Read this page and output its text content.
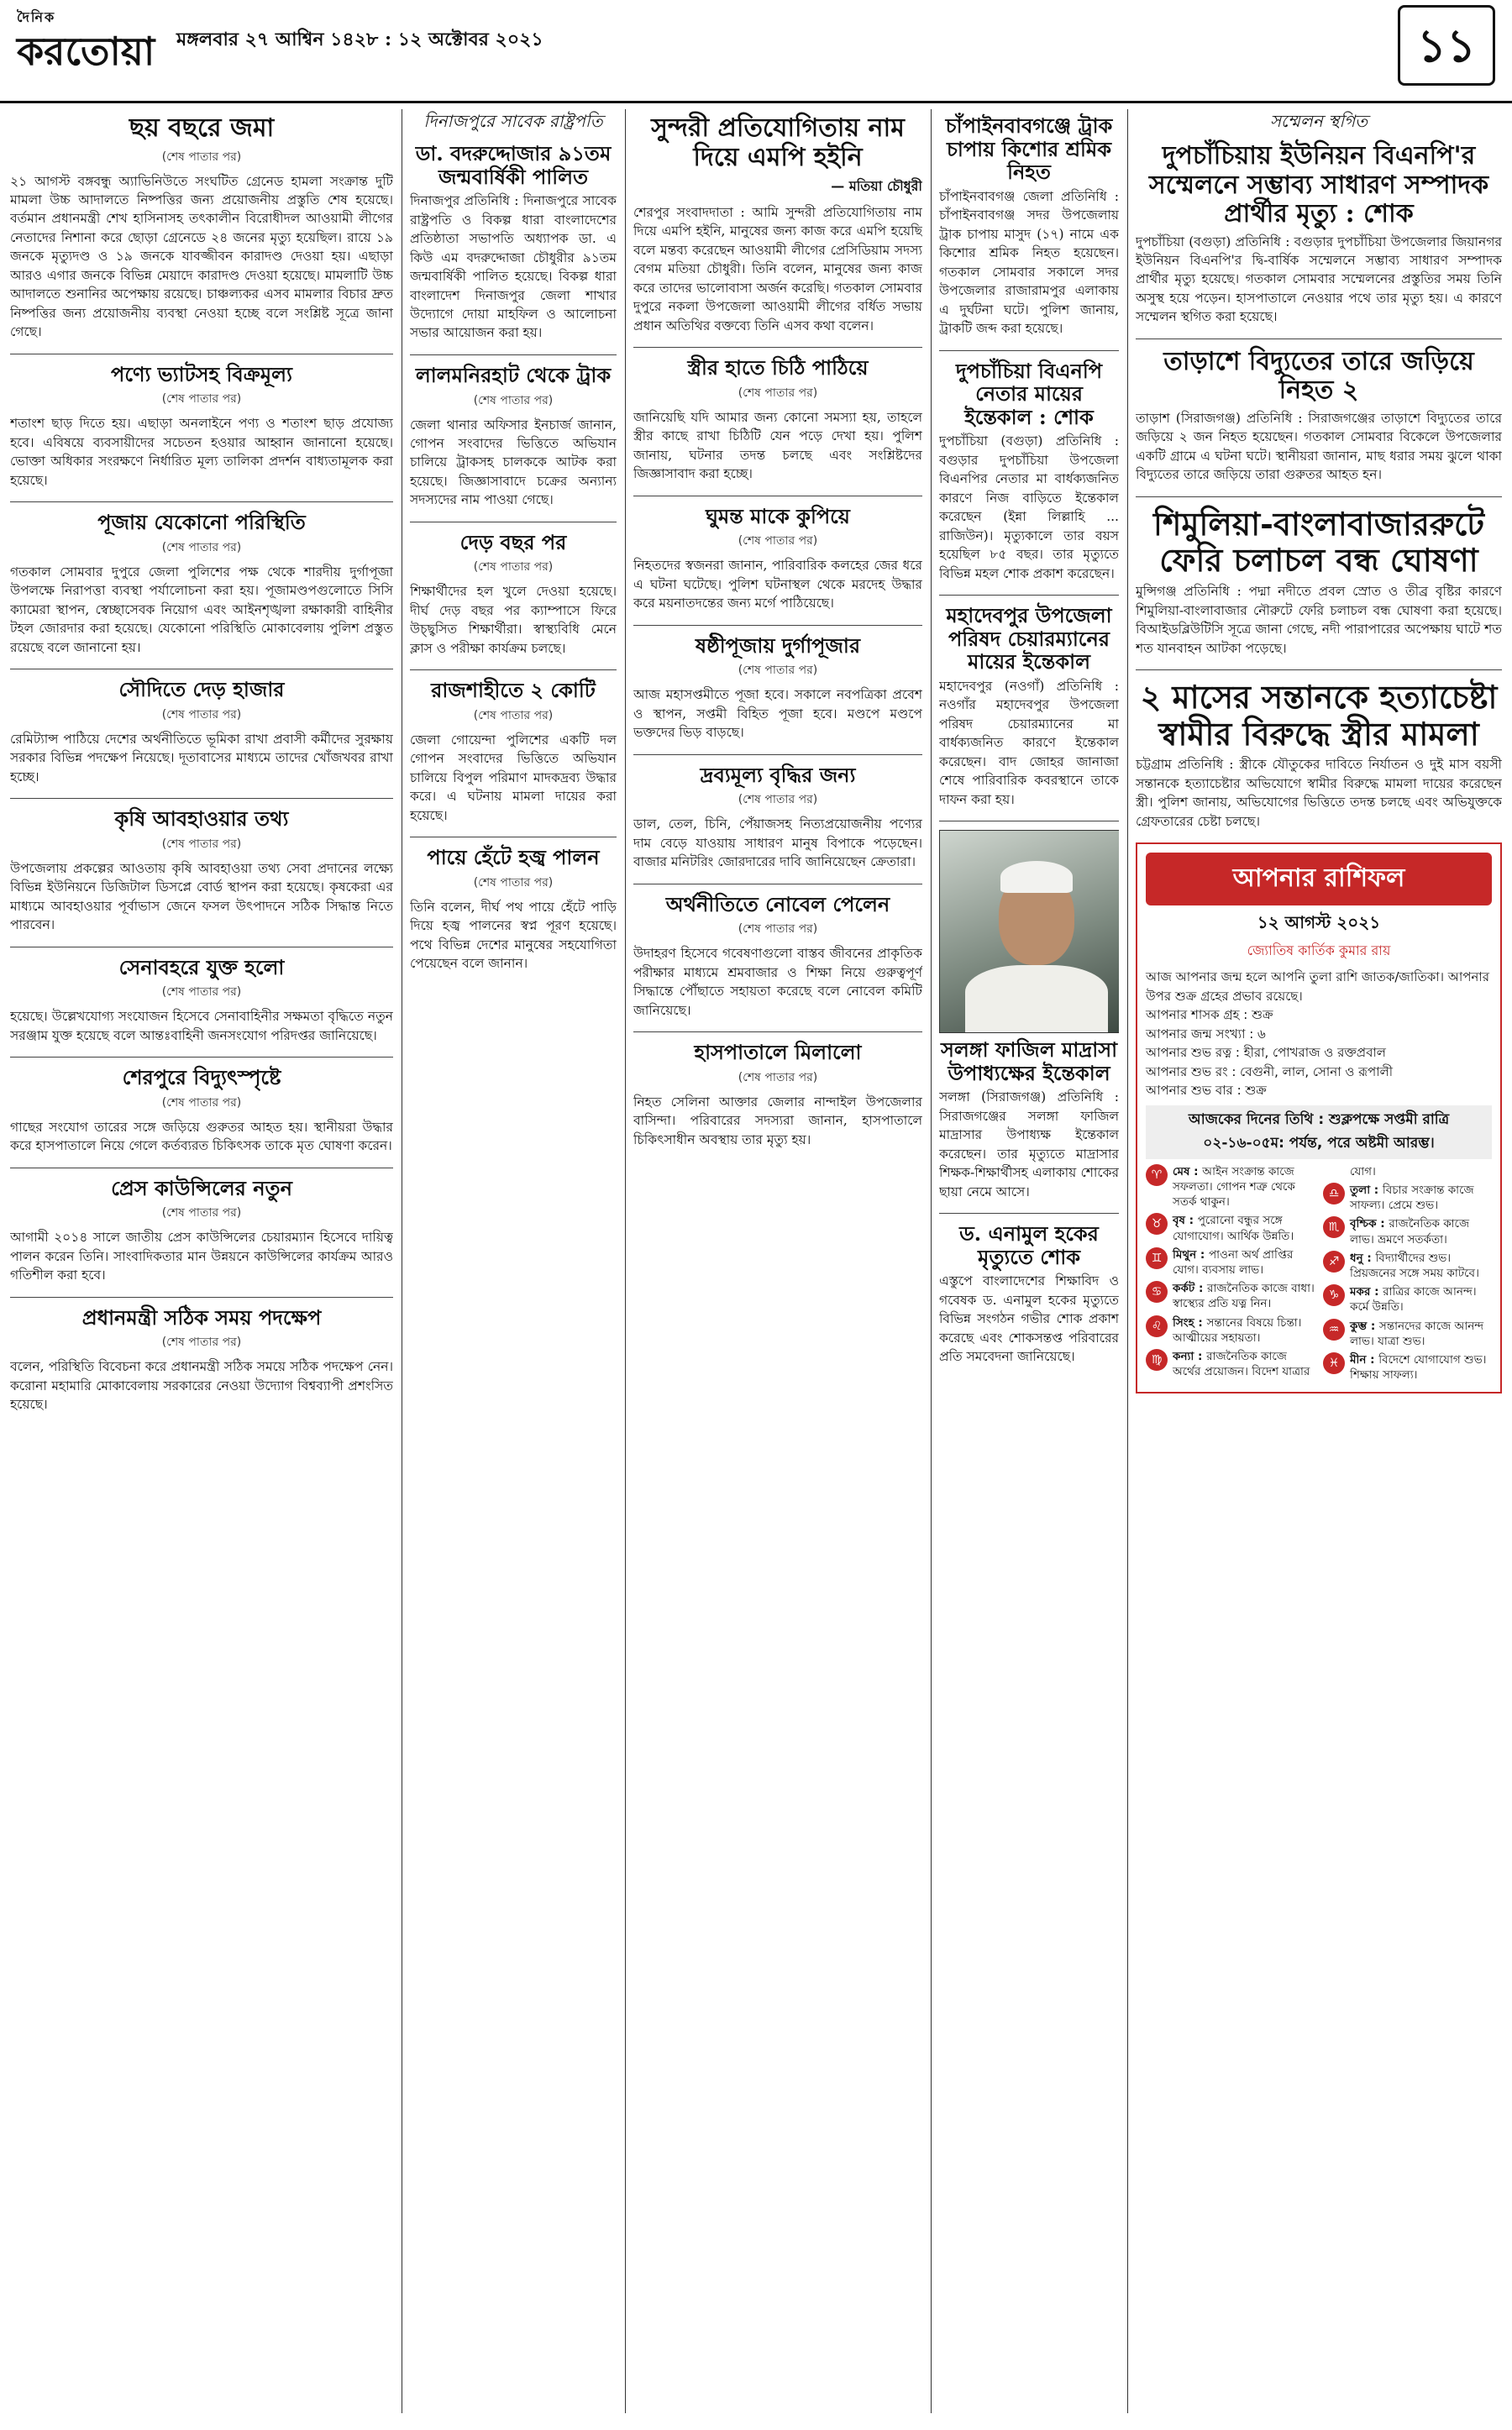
দৈনিক
করতোয়া মঙ্গলবার ২৭ আশ্বিন ১৪২৮ : ১২ অক্টোবর ২০২১	১১
ছয় বছরে জমা
(শেষ পাতার পর)
২১ আগস্ট বঙ্গবন্ধু অ্যাভিনিউতে সংঘটিত গ্রেনেড হামলা সংক্রান্ত দুটি মামলা উচ্চ আদালতে নিষ্পত্তির জন্য প্রয়োজনীয় প্রস্তুতি শেষ হয়েছে। বর্তমান প্রধানমন্ত্রী শেখ হাসিনাসহ তৎকালীন বিরোধীদল আওয়ামী লীগের নেতাদের নিশানা করে ছোড়া গ্রেনেডে ২৪ জনের মৃত্যু হয়েছিল। রায়ে ১৯ জনকে মৃত্যুদণ্ড ও ১৯ জনকে যাবজ্জীবন কারাদণ্ড দেওয়া হয়। এছাড়া আরও এগার জনকে বিভিন্ন মেয়াদে কারাদণ্ড দেওয়া হয়েছে। মামলাটি উচ্চ আদালতে শুনানির অপেক্ষায় রয়েছে। চাঞ্চল্যকর এসব মামলার বিচার দ্রুত নিষ্পত্তির জন্য প্রয়োজনীয় ব্যবস্থা নেওয়া হচ্ছে বলে সংশ্লিষ্ট সূত্রে জানা গেছে।
পণ্যে ভ্যাটসহ বিক্রমূল্য
(শেষ পাতার পর)
শতাংশ ছাড় দিতে হয়। এছাড়া অনলাইনে পণ্য ও শতাংশ ছাড় প্রযোজ্য হবে। এবিষয়ে ব্যবসায়ীদের সচেতন হওয়ার আহ্বান জানানো হয়েছে। ভোক্তা অধিকার সংরক্ষণে নির্ধারিত মূল্য তালিকা প্রদর্শন বাধ্যতামূলক করা হয়েছে।
পূজায় যেকোনো পরিস্থিতি
(শেষ পাতার পর)
গতকাল সোমবার দুপুরে জেলা পুলিশের পক্ষ থেকে শারদীয় দুর্গাপূজা উপলক্ষে নিরাপত্তা ব্যবস্থা পর্যালোচনা করা হয়। পূজামণ্ডপগুলোতে সিসি ক্যামেরা স্থাপন, স্বেচ্ছাসেবক নিয়োগ এবং আইনশৃঙ্খলা রক্ষাকারী বাহিনীর টহল জোরদার করা হয়েছে। যেকোনো পরিস্থিতি মোকাবেলায় পুলিশ প্রস্তুত রয়েছে বলে জানানো হয়।
সৌদিতে দেড় হাজার
(শেষ পাতার পর)
রেমিট্যান্স পাঠিয়ে দেশের অর্থনীতিতে ভূমিকা রাখা প্রবাসী কর্মীদের সুরক্ষায় সরকার বিভিন্ন পদক্ষেপ নিয়েছে। দূতাবাসের মাধ্যমে তাদের খোঁজখবর রাখা হচ্ছে।
কৃষি আবহাওয়ার তথ্য
(শেষ পাতার পর)
উপজেলায় প্রকল্পের আওতায় কৃষি আবহাওয়া তথ্য সেবা প্রদানের লক্ষ্যে বিভিন্ন ইউনিয়নে ডিজিটাল ডিসপ্লে বোর্ড স্থাপন করা হয়েছে। কৃষকেরা এর মাধ্যমে আবহাওয়ার পূর্বাভাস জেনে ফসল উৎপাদনে সঠিক সিদ্ধান্ত নিতে পারবেন।
সেনাবহরে যুক্ত হলো
(শেষ পাতার পর)
হয়েছে। উল্লেখযোগ্য সংযোজন হিসেবে সেনাবাহিনীর সক্ষমতা বৃদ্ধিতে নতুন সরঞ্জাম যুক্ত হয়েছে বলে আন্তঃবাহিনী জনসংযোগ পরিদপ্তর জানিয়েছে।
শেরপুরে বিদ্যুৎস্পৃষ্টে
(শেষ পাতার পর)
গাছের সংযোগ তারের সঙ্গে জড়িয়ে গুরুতর আহত হয়। স্থানীয়রা উদ্ধার করে হাসপাতালে নিয়ে গেলে কর্তব্যরত চিকিৎসক তাকে মৃত ঘোষণা করেন।
প্রেস কাউন্সিলের নতুন
(শেষ পাতার পর)
আগামী ২০১৪ সালে জাতীয় প্রেস কাউন্সিলের চেয়ারম্যান হিসেবে দায়িত্ব পালন করেন তিনি। সাংবাদিকতার মান উন্নয়নে কাউন্সিলের কার্যক্রম আরও গতিশীল করা হবে।
প্রধানমন্ত্রী সঠিক সময় পদক্ষেপ
(শেষ পাতার পর)
বলেন, পরিস্থিতি বিবেচনা করে প্রধানমন্ত্রী সঠিক সময়ে সঠিক পদক্ষেপ নেন। করোনা মহামারি মোকাবেলায় সরকারের নেওয়া উদ্যোগ বিশ্বব্যাপী প্রশংসিত হয়েছে।
দিনাজপুরে সাবেক রাষ্ট্রপতি
ডা. বদরুদ্দোজার ৯১তম জন্মবার্ষিকী পালিত
দিনাজপুর প্রতিনিধি : দিনাজপুরে সাবেক রাষ্ট্রপতি ও বিকল্প ধারা বাংলাদেশের প্রতিষ্ঠাতা সভাপতি অধ্যাপক ডা. এ কিউ এম বদরুদ্দোজা চৌধুরীর ৯১তম জন্মবার্ষিকী পালিত হয়েছে। বিকল্প ধারা বাংলাদেশ দিনাজপুর জেলা শাখার উদ্যোগে দোয়া মাহফিল ও আলোচনা সভার আয়োজন করা হয়।
লালমনিরহাট থেকে ট্রাক
(শেষ পাতার পর)
জেলা থানার অফিসার ইনচার্জ জানান, গোপন সংবাদের ভিত্তিতে অভিযান চালিয়ে ট্রাকসহ চালককে আটক করা হয়েছে। জিজ্ঞাসাবাদে চক্রের অন্যান্য সদস্যদের নাম পাওয়া গেছে।
দেড় বছর পর
(শেষ পাতার পর)
শিক্ষার্থীদের হল খুলে দেওয়া হয়েছে। দীর্ঘ দেড় বছর পর ক্যাম্পাসে ফিরে উচ্ছ্বসিত শিক্ষার্থীরা। স্বাস্থ্যবিধি মেনে ক্লাস ও পরীক্ষা কার্যক্রম চলছে।
রাজশাহীতে ২ কোটি
(শেষ পাতার পর)
জেলা গোয়েন্দা পুলিশের একটি দল গোপন সংবাদের ভিত্তিতে অভিযান চালিয়ে বিপুল পরিমাণ মাদকদ্রব্য উদ্ধার করে। এ ঘটনায় মামলা দায়ের করা হয়েছে।
পায়ে হেঁটে হজ্ব পালন
(শেষ পাতার পর)
তিনি বলেন, দীর্ঘ পথ পায়ে হেঁটে পাড়ি দিয়ে হজ্ব পালনের স্বপ্ন পূরণ হয়েছে। পথে বিভিন্ন দেশের মানুষের সহযোগিতা পেয়েছেন বলে জানান।
সুন্দরী প্রতিযোগিতায় নাম দিয়ে এমপি হইনি
— মতিয়া চৌধুরী
শেরপুর সংবাদদাতা : আমি সুন্দরী প্রতিযোগিতায় নাম দিয়ে এমপি হইনি, মানুষের জন্য কাজ করে এমপি হয়েছি বলে মন্তব্য করেছেন আওয়ামী লীগের প্রেসিডিয়াম সদস্য বেগম মতিয়া চৌধুরী। তিনি বলেন, মানুষের জন্য কাজ করে তাদের ভালোবাসা অর্জন করেছি। গতকাল সোমবার দুপুরে নকলা উপজেলা আওয়ামী লীগের বর্ধিত সভায় প্রধান অতিথির বক্তব্যে তিনি এসব কথা বলেন।
স্ত্রীর হাতে চিঠি পাঠিয়ে
(শেষ পাতার পর)
জানিয়েছি যদি আমার জন্য কোনো সমস্যা হয়, তাহলে স্ত্রীর কাছে রাখা চিঠিটি যেন পড়ে দেখা হয়। পুলিশ জানায়, ঘটনার তদন্ত চলছে এবং সংশ্লিষ্টদের জিজ্ঞাসাবাদ করা হচ্ছে।
ঘুমন্ত মাকে কুপিয়ে
(শেষ পাতার পর)
নিহতদের স্বজনরা জানান, পারিবারিক কলহের জের ধরে এ ঘটনা ঘটেছে। পুলিশ ঘটনাস্থল থেকে মরদেহ উদ্ধার করে ময়নাতদন্তের জন্য মর্গে পাঠিয়েছে।
ষষ্ঠীপূজায় দুর্গাপূজার
(শেষ পাতার পর)
আজ মহাসপ্তমীতে পূজা হবে। সকালে নবপত্রিকা প্রবেশ ও স্থাপন, সপ্তমী বিহিত পূজা হবে। মণ্ডপে মণ্ডপে ভক্তদের ভিড় বাড়ছে।
দ্রব্যমূল্য বৃদ্ধির জন্য
(শেষ পাতার পর)
ডাল, তেল, চিনি, পেঁয়াজসহ নিত্যপ্রয়োজনীয় পণ্যের দাম বেড়ে যাওয়ায় সাধারণ মানুষ বিপাকে পড়েছেন। বাজার মনিটরিং জোরদারের দাবি জানিয়েছেন ক্রেতারা।
অর্থনীতিতে নোবেল পেলেন
(শেষ পাতার পর)
উদাহরণ হিসেবে গবেষণাগুলো বাস্তব জীবনের প্রাকৃতিক পরীক্ষার মাধ্যমে শ্রমবাজার ও শিক্ষা নিয়ে গুরুত্বপূর্ণ সিদ্ধান্তে পৌঁছাতে সহায়তা করেছে বলে নোবেল কমিটি জানিয়েছে।
হাসপাতালে মিলালো
(শেষ পাতার পর)
নিহত সেলিনা আক্তার জেলার নান্দাইল উপজেলার বাসিন্দা। পরিবারের সদস্যরা জানান, হাসপাতালে চিকিৎসাধীন অবস্থায় তার মৃত্যু হয়।
চাঁপাইনবাবগঞ্জে ট্রাক চাপায় কিশোর শ্রমিক নিহত
চাঁপাইনবাবগঞ্জ জেলা প্রতিনিধি : চাঁপাইনবাবগঞ্জ সদর উপজেলায় ট্রাক চাপায় মাসুদ (১৭) নামে এক কিশোর শ্রমিক নিহত হয়েছেন। গতকাল সোমবার সকালে সদর উপজেলার রাজারামপুর এলাকায় এ দুর্ঘটনা ঘটে। পুলিশ জানায়, ট্রাকটি জব্দ করা হয়েছে।
দুপচাঁচিয়া বিএনপি নেতার মায়ের ইন্তেকাল : শোক
দুপচাঁচিয়া (বগুড়া) প্রতিনিধি : বগুড়ার দুপচাঁচিয়া উপজেলা বিএনপির নেতার মা বার্ধক্যজনিত কারণে নিজ বাড়িতে ইন্তেকাল করেছেন (ইন্না লিল্লাহি ... রাজিউন)। মৃত্যুকালে তার বয়স হয়েছিল ৮৫ বছর। তার মৃত্যুতে বিভিন্ন মহল শোক প্রকাশ করেছেন।
মহাদেবপুর উপজেলা পরিষদ চেয়ারম্যানের মায়ের ইন্তেকাল
মহাদেবপুর (নওগাঁ) প্রতিনিধি : নওগাঁর মহাদেবপুর উপজেলা পরিষদ চেয়ারম্যানের মা বার্ধক্যজনিত কারণে ইন্তেকাল করেছেন। বাদ জোহর জানাজা শেষে পারিবারিক কবরস্থানে তাকে দাফন করা হয়।
সলঙ্গা ফাজিল মাদ্রাসা উপাধ্যক্ষের ইন্তেকাল
সলঙ্গা (সিরাজগঞ্জ) প্রতিনিধি : সিরাজগঞ্জের সলঙ্গা ফাজিল মাদ্রাসার উপাধ্যক্ষ ইন্তেকাল করেছেন। তার মৃত্যুতে মাদ্রাসার শিক্ষক-শিক্ষার্থীসহ এলাকায় শোকের ছায়া নেমে আসে।
ড. এনামুল হকের মৃত্যুতে শোক
এস্তুপে বাংলাদেশের শিক্ষাবিদ ও গবেষক ড. এনামুল হকের মৃত্যুতে বিভিন্ন সংগঠন গভীর শোক প্রকাশ করেছে এবং শোকসন্তপ্ত পরিবারের প্রতি সমবেদনা জানিয়েছে।
সম্মেলন স্থগিত
দুপচাঁচিয়ায় ইউনিয়ন বিএনপি'র সম্মেলনে সম্ভাব্য সাধারণ সম্পাদক প্রার্থীর মৃত্যু : শোক
দুপচাঁচিয়া (বগুড়া) প্রতিনিধি : বগুড়ার দুপচাঁচিয়া উপজেলার জিয়ানগর ইউনিয়ন বিএনপি'র দ্বি-বার্ষিক সম্মেলনে সম্ভাব্য সাধারণ সম্পাদক প্রার্থীর মৃত্যু হয়েছে। গতকাল সোমবার সম্মেলনের প্রস্তুতির সময় তিনি অসুস্থ হয়ে পড়েন। হাসপাতালে নেওয়ার পথে তার মৃত্যু হয়। এ কারণে সম্মেলন স্থগিত করা হয়েছে।
তাড়াশে বিদ্যুতের তারে জড়িয়ে নিহত ২
তাড়াশ (সিরাজগঞ্জ) প্রতিনিধি : সিরাজগঞ্জের তাড়াশে বিদ্যুতের তারে জড়িয়ে ২ জন নিহত হয়েছেন। গতকাল সোমবার বিকেলে উপজেলার একটি গ্রামে এ ঘটনা ঘটে। স্থানীয়রা জানান, মাছ ধরার সময় ঝুলে থাকা বিদ্যুতের তারে জড়িয়ে তারা গুরুতর আহত হন।
শিমুলিয়া-বাংলাবাজাররুটে ফেরি চলাচল বন্ধ ঘোষণা
মুন্সিগঞ্জ প্রতিনিধি : পদ্মা নদীতে প্রবল স্রোত ও তীব্র বৃষ্টির কারণে শিমুলিয়া-বাংলাবাজার নৌরুটে ফেরি চলাচল বন্ধ ঘোষণা করা হয়েছে। বিআইডব্লিউটিসি সূত্রে জানা গেছে, নদী পারাপারের অপেক্ষায় ঘাটে শত শত যানবাহন আটকা পড়েছে।
২ মাসের সন্তানকে হত্যাচেষ্টা স্বামীর বিরুদ্ধে স্ত্রীর মামলা
চট্টগ্রাম প্রতিনিধি : স্ত্রীকে যৌতুকের দাবিতে নির্যাতন ও দুই মাস বয়সী সন্তানকে হত্যাচেষ্টার অভিযোগে স্বামীর বিরুদ্ধে মামলা দায়ের করেছেন স্ত্রী। পুলিশ জানায়, অভিযোগের ভিত্তিতে তদন্ত চলছে এবং অভিযুক্তকে গ্রেফতারের চেষ্টা চলছে।
আপনার রাশিফল
১২ আগস্ট ২০২১
জ্যোতিষ কার্তিক কুমার রায়
আজ আপনার জন্ম হলে আপনি তুলা রাশি জাতক/জাতিকা। আপনার উপর শুক্র গ্রহের প্রভাব রয়েছে।
আপনার শাসক গ্রহ : শুক্র
আপনার জন্ম সংখ্যা : ৬
আপনার শুভ রত্ন : হীরা, পোখরাজ ও রক্তপ্রবাল
আপনার শুভ রং : বেগুনী, লাল, সোনা ও রূপালী
আপনার শুভ বার : শুক্র
আজকের দিনের তিথি : শুক্লপক্ষে সপ্তমী রাত্রি
০২-১৬-০৫ম: পর্যন্ত, পরে অষ্টমী আরম্ভ।
♈ মেষ : আইন সংক্রান্ত কাজে সফলতা। গোপন শত্রু থেকে সতর্ক থাকুন।
♉ বৃষ : পুরোনো বন্ধুর সঙ্গে যোগাযোগ। আর্থিক উন্নতি।
♊ মিথুন : পাওনা অর্থ প্রাপ্তির যোগ। ব্যবসায় লাভ।
♋ কর্কট : রাজনৈতিক কাজে বাধা। স্বাস্থ্যের প্রতি যত্ন নিন।
♌ সিংহ : সন্তানের বিষয়ে চিন্তা। আত্মীয়ের সহায়তা।
♍ কন্যা : রাজনৈতিক কাজে অর্থের প্রয়োজন। বিদেশ যাত্রার যোগ।
♎ তুলা : বিচার সংক্রান্ত কাজে সাফল্য। প্রেমে শুভ।
♏ বৃশ্চিক : রাজনৈতিক কাজে লাভ। ভ্রমণে সতর্কতা।
♐ ধনু : বিদ্যার্থীদের শুভ। প্রিয়জনের সঙ্গে সময় কাটবে।
♑ মকর : রাত্রির কাজে আনন্দ। কর্মে উন্নতি।
♒ কুম্ভ : সন্তানদের কাজে আনন্দ লাভ। যাত্রা শুভ।
♓ মীন : বিদেশে যোগাযোগ শুভ। শিক্ষায় সাফল্য।
